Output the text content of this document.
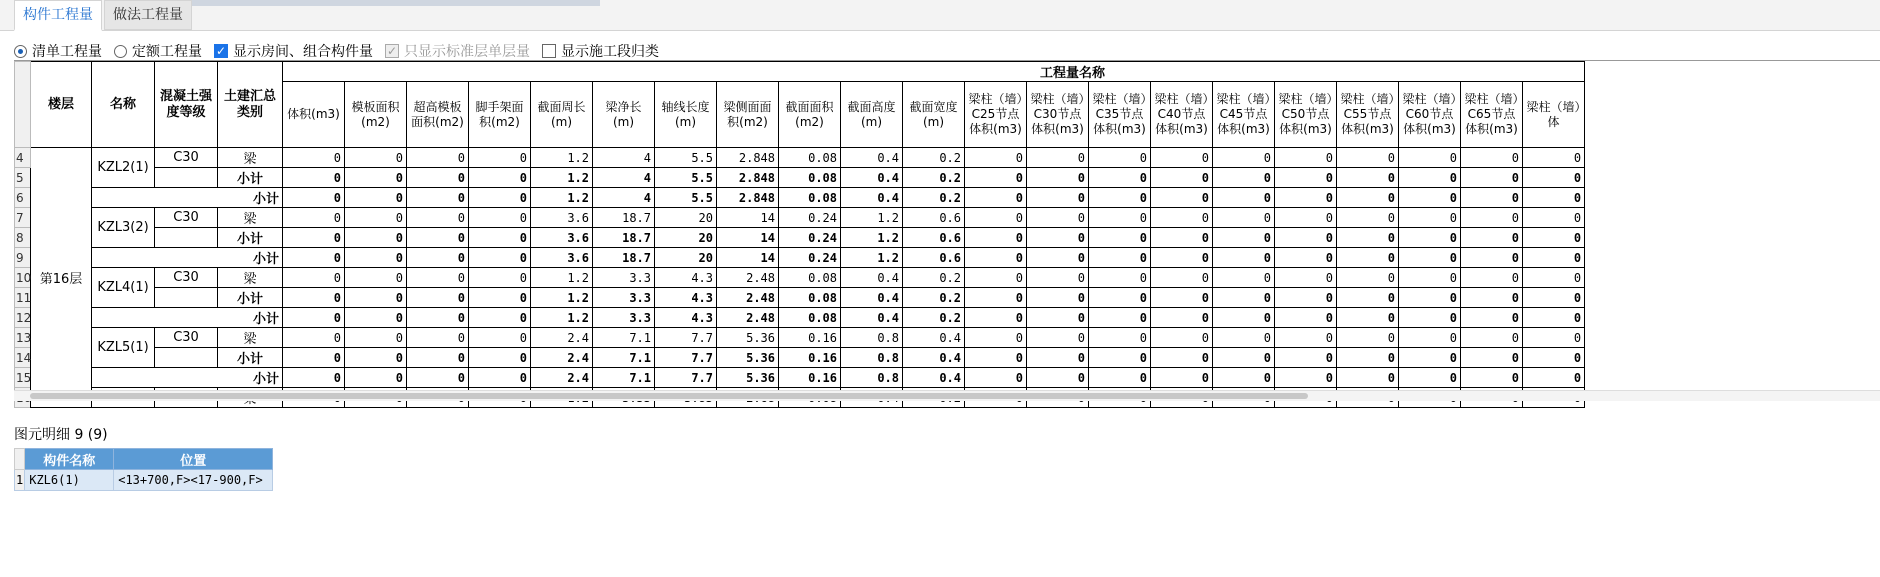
构件工程量	做法工程量
清单工程量 定额工程量 ✓ 显示房间、组合构件量 ✓ 只显示标准层单层量 显示施工段归类
	楼层	名称	混凝土强度等级	土建汇总类别	工程量名称																				
					体积(m3)	模板面积(m2)	超高模板面积(m2)	脚手架面积(m2)	截面周长(m)	梁净长(m)	轴线长度(m)	梁侧面面积(m2)	截面面积(m2)	截面高度(m)	截面宽度(m)	梁柱（墙）C25节点体积(m3)	梁柱（墙）C30节点体积(m3)	梁柱（墙）C35节点体积(m3)	梁柱（墙）C40节点体积(m3)	梁柱（墙）C45节点体积(m3)	梁柱（墙）C50节点体积(m3)	梁柱（墙）C55节点体积(m3)	梁柱（墙）C60节点体积(m3)	梁柱（墙）C65节点体积(m3)	梁柱（墙）体
4	第16层	KZL2(1)	C30	梁	0	0	0	0	1.2	4	5.5	2.848	0.08	0.4	0.2	0	0	0	0	0	0	0	0	0	0
5				小计	0	0	0	0	1.2	4	5.5	2.848	0.08	0.4	0.2	0	0	0	0	0	0	0	0	0	0
6		小计			0	0	0	0	1.2	4	5.5	2.848	0.08	0.4	0.2	0	0	0	0	0	0	0	0	0	0
7		KZL3(2)	C30	梁	0	0	0	0	3.6	18.7	20	14	0.24	1.2	0.6	0	0	0	0	0	0	0	0	0	0
8				小计	0	0	0	0	3.6	18.7	20	14	0.24	1.2	0.6	0	0	0	0	0	0	0	0	0	0
9		小计			0	0	0	0	3.6	18.7	20	14	0.24	1.2	0.6	0	0	0	0	0	0	0	0	0	0
10		KZL4(1)	C30	梁	0	0	0	0	1.2	3.3	4.3	2.48	0.08	0.4	0.2	0	0	0	0	0	0	0	0	0	0
11				小计	0	0	0	0	1.2	3.3	4.3	2.48	0.08	0.4	0.2	0	0	0	0	0	0	0	0	0	0
12		小计			0	0	0	0	1.2	3.3	4.3	2.48	0.08	0.4	0.2	0	0	0	0	0	0	0	0	0	0
13		KZL5(1)	C30	梁	0	0	0	0	2.4	7.1	7.7	5.36	0.16	0.8	0.4	0	0	0	0	0	0	0	0	0	0
14				小计	0	0	0	0	2.4	7.1	7.7	5.36	0.16	0.8	0.4	0	0	0	0	0	0	0	0	0	0
15		小计			0	0	0	0	2.4	7.1	7.7	5.36	0.16	0.8	0.4	0	0	0	0	0	0	0	0	0	0

图元明细 9 (9)
	构件名称	位置
1	KZL6(1)	<13+700,F><17-900,F>
